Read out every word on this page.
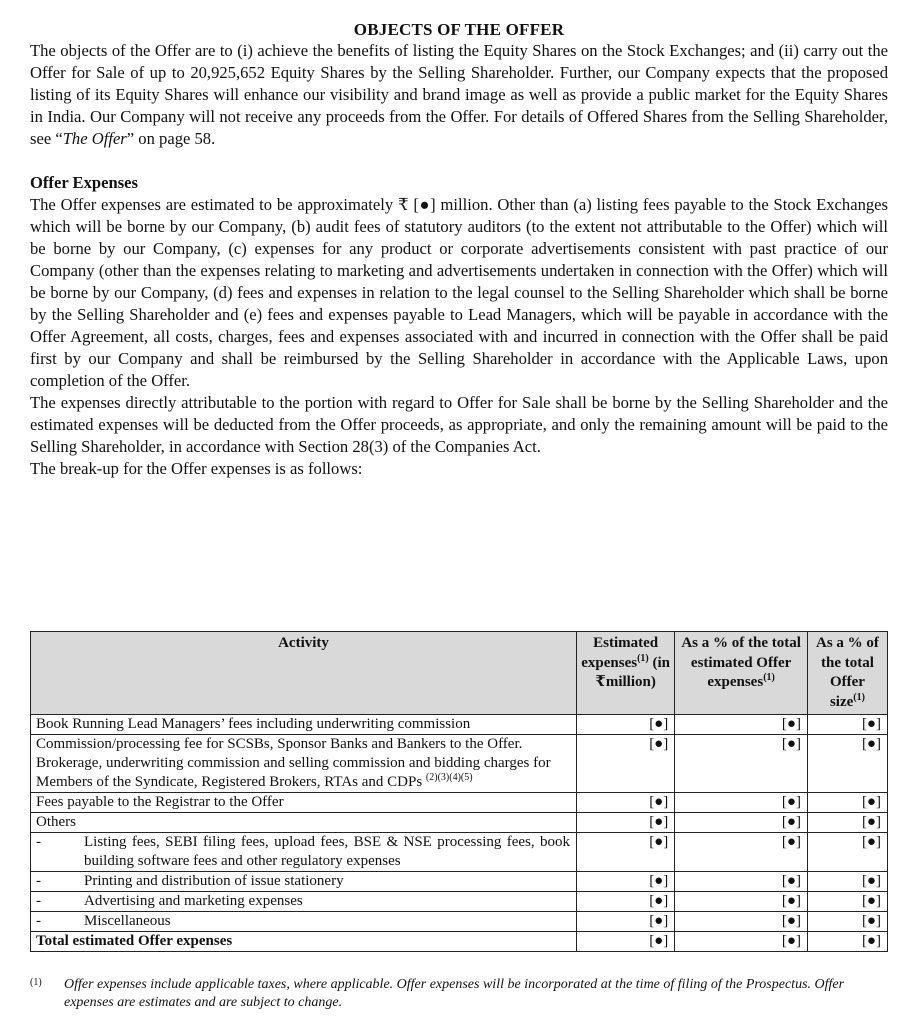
OBJECTS OF THE OFFER

The objects of the Offer are to (i) achieve the benefits of listing the Equity Shares on the Stock Exchanges; and (ii) carry out the Offer for Sale of up to 20,925,652 Equity Shares by the Selling Shareholder. Further, our Company expects that the proposed listing of its Equity Shares will enhance our visibility and brand image as well as provide a public market for the Equity Shares in India. Our Company will not receive any proceeds from the Offer. For details of Offered Shares from the Selling Shareholder, see “The Offer” on page 58.

Offer Expenses

The Offer expenses are estimated to be approximately ₹ [●] million. Other than (a) listing fees payable to the Stock Exchanges which will be borne by our Company, (b) audit fees of statutory auditors (to the extent not attributable to the Offer) which will be borne by our Company, (c) expenses for any product or corporate advertisements consistent with past practice of our Company (other than the expenses relating to marketing and advertisements undertaken in connection with the Offer) which will be borne by our Company, (d) fees and expenses in relation to the legal counsel to the Selling Shareholder which shall be borne by the Selling Shareholder and (e) fees and expenses payable to Lead Managers, which will be payable in accordance with the Offer Agreement, all costs, charges, fees and expenses associated with and incurred in connection with the Offer shall be paid first by our Company and shall be reimbursed by the Selling Shareholder in accordance with the Applicable Laws, upon completion of the Offer.

The expenses directly attributable to the portion with regard to Offer for Sale shall be borne by the Selling Shareholder and the estimated expenses will be deducted from the Offer proceeds, as appropriate, and only the remaining amount will be paid to the Selling Shareholder, in accordance with Section 28(3) of the Companies Act.

The break-up for the Offer expenses is as follows:

Activity	Estimated expenses$^{(1)}$ (in ₹million)	As a % of the total estimated Offer expenses$^{(1)}$	As a % of the total Offer size$^{(1)}$
Book Running Lead Managers’ fees including underwriting commission	[●]	[●]	[●]
Commission/processing fee for SCSBs, Sponsor Banks and Bankers to the Offer. Brokerage, underwriting commission and selling commission and bidding charges for Members of the Syndicate, Registered Brokers, RTAs and CDPs $^{(2)(3)(4)(5)}$	[●]	[●]	[●]
Fees payable to the Registrar to the Offer	[●]	[●]	[●]
Others	[●]	[●]	[●]

- Listing fees, SEBI filing fees, upload fees, BSE & NSE processing fees, book building software fees and other regulatory expenses	[●]	[●]	[●]

- Printing and distribution of issue stationery	[●]	[●]	[●]

- Advertising and marketing expenses	[●]	[●]	[●]

- Miscellaneous	[●]	[●]	[●]
Total estimated Offer expenses	[●]	[●]	[●]
(1)	Offer expenses include applicable taxes, where applicable. Offer expenses will be incorporated at the time of filing of the Prospectus. Offer expenses are estimates and are subject to change.
